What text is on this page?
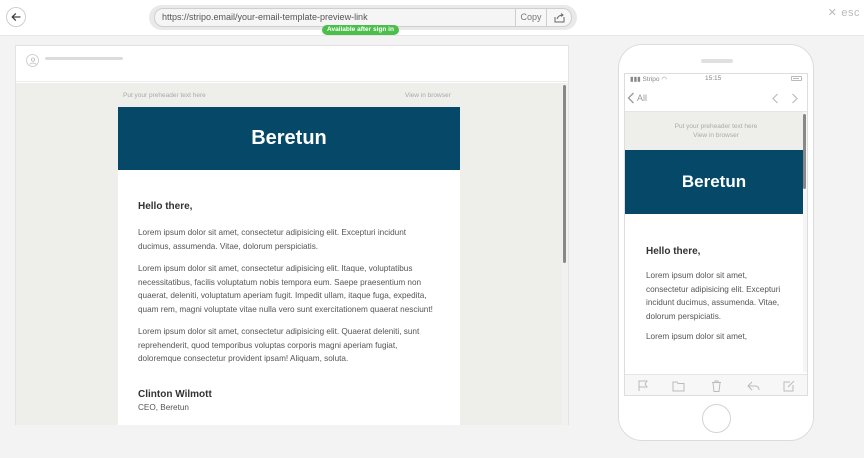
https://stripo.email/your-email-template-preview-link	Copy
Available after sign in
✕ esc
Put your preheader text here	View in browser
Beretun
Hello there,

Lorem ipsum dolor sit amet, consectetur adipisicing elit. Excepturi incidunt ducimus, assumenda. Vitae, dolorum perspiciatis.

Lorem ipsum dolor sit amet, consectetur adipisicing elit. Itaque, voluptatibus necessitatibus, facilis voluptatum nobis tempora eum. Saepe praesentium non quaerat, deleniti, voluptatum aperiam fugit. Impedit ullam, itaque fuga, expedita, quam rem, magni voluptate vitae nulla vero sunt exercitationem quaerat nesciunt!

Lorem ipsum dolor sit amet, consectetur adipisicing elit. Quaerat deleniti, sunt reprehenderit, quod temporibus voluptas corporis magni aperiam fugiat, doloremque consectetur provident ipsam! Aliquam, soluta.

Clinton Wilmott
CEO, Beretun
▮▮▮ Stripo ◠	15:15
All
Put your preheader text here
View in browser
Beretun
Hello there,

Lorem ipsum dolor sit amet, consectetur adipisicing elit. Excepturi incidunt ducimus, assumenda. Vitae, dolorum perspiciatis.

Lorem ipsum dolor sit amet,
